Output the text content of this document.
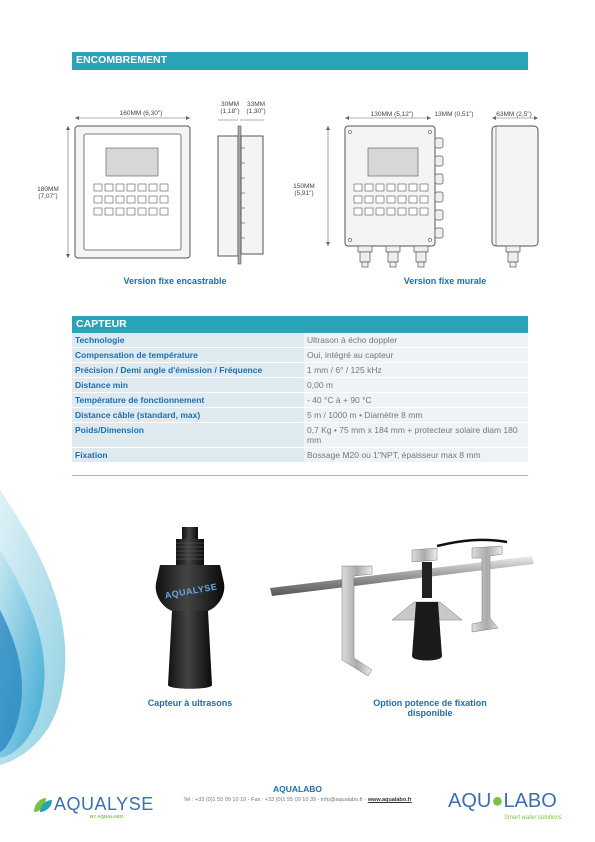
ENCOMBREMENT
160MM (6,30")
180MM
(7,07")
30MM
(1,18")
33MM
(1,30")	130MM (5,12")	13MM (0,51")
150MM
(5,91")
63MM (2,5")
Version fixe encastrable	Version fixe murale
CAPTEUR
Technologie	Ultrason à écho doppler
Compensation de température	Oui, intégré au capteur
Précision / Demi angle d'émission / Fréquence	1 mm / 6° / 125 kHz
Distance min	0,00 m
Température de fonctionnement	- 40 °C à + 90 °C
Distance câble (standard, max)	5 m / 1000 m • Diamètre 8 mm
Poids/Dimension	0,7 Kg • 75 mm x 184 mm + protecteur solaire diam 180 mm
Fixation	Bossage M20 ou 1"NPT, épaisseur max 8 mm
AQUALYSE
Capteur à ultrasons	Option potence de fixation
disponible
AQUALYSE
BY AQUALABO
AQUALABO
Tel : +33 (0)1 55 09 10 10 - Fax : +33 (0)1 55 09 10 39 - info@aqualabo.fr - www.aqualabo.fr AQU●LABO
Smart water solutions
